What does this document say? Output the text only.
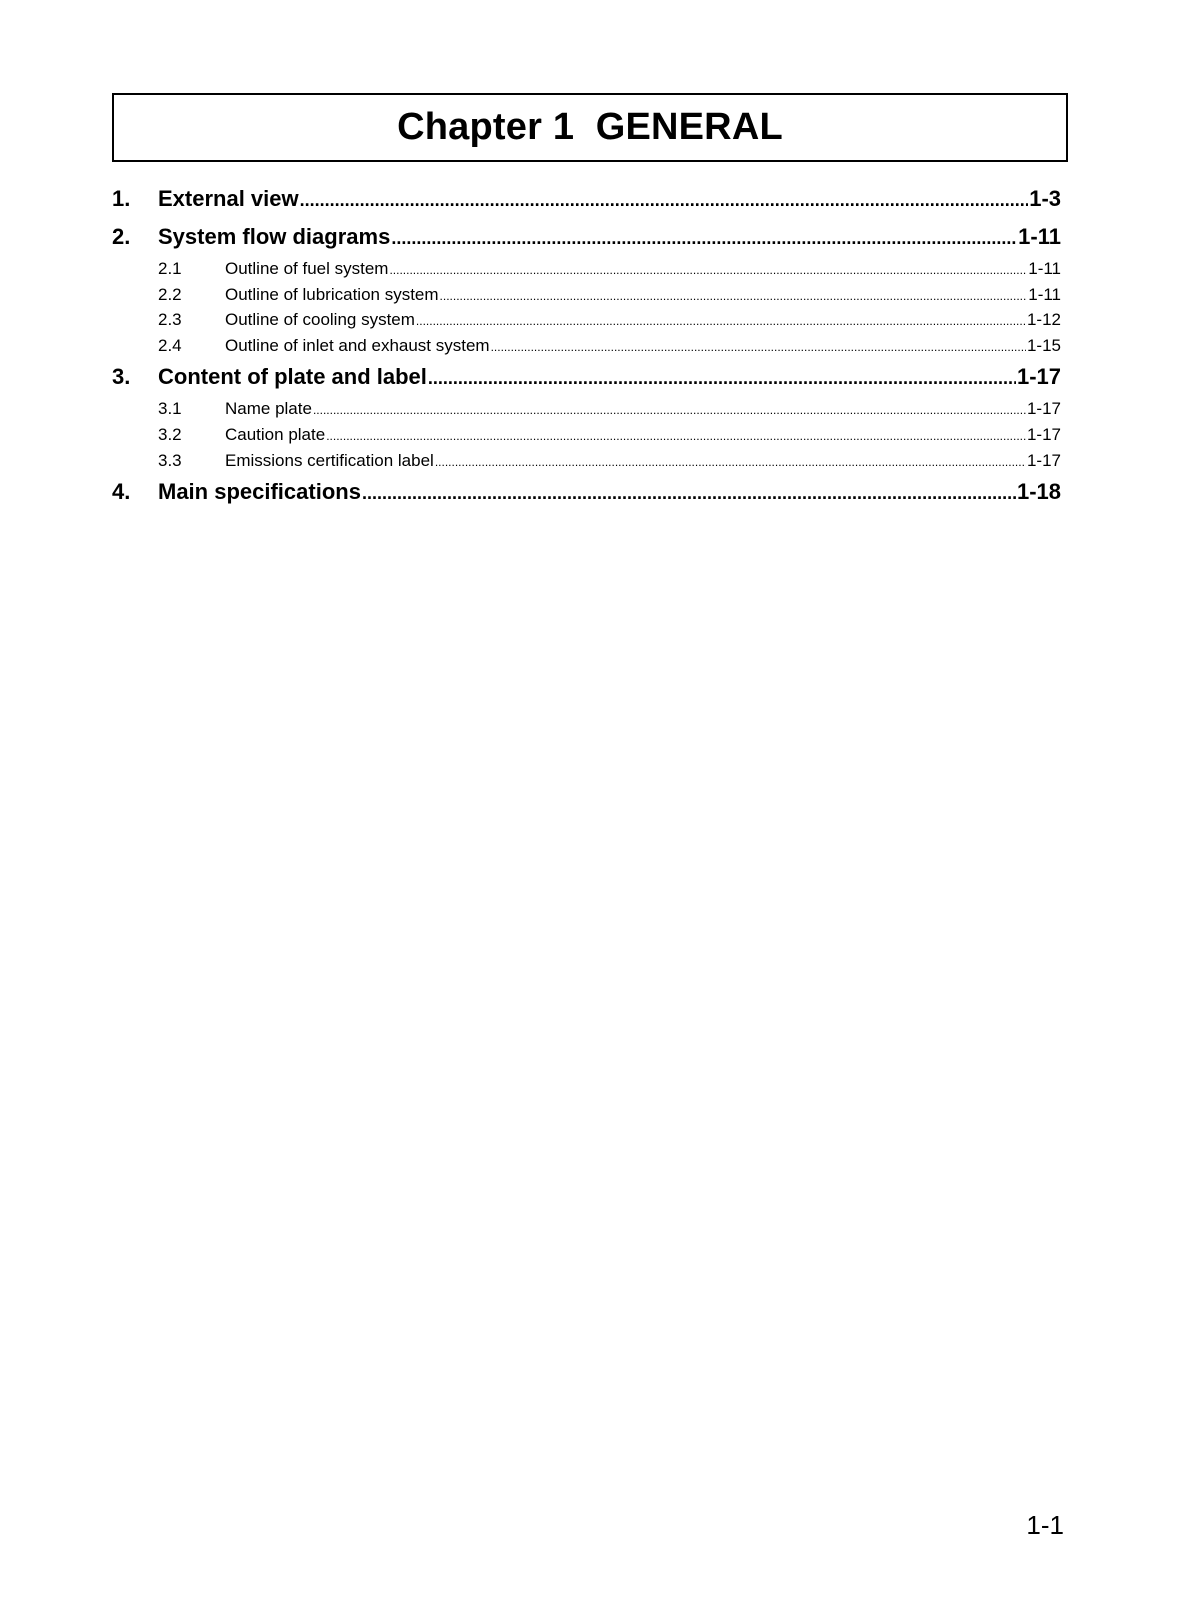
Chapter 1  GENERAL
1.	External view .....	1-3
2.	System flow diagrams .....	1-11
2.1	Outline of fuel system .....	1-11
2.2	Outline of lubrication system .....	1-11
2.3	Outline of cooling system .....	1-12
2.4	Outline of inlet and exhaust system .....	1-15
3.	Content of plate and label .....	1-17
3.1	Name plate .....	1-17
3.2	Caution plate .....	1-17
3.3	Emissions certification label .....	1-17
4.	Main specifications .....	1-18
1-1
